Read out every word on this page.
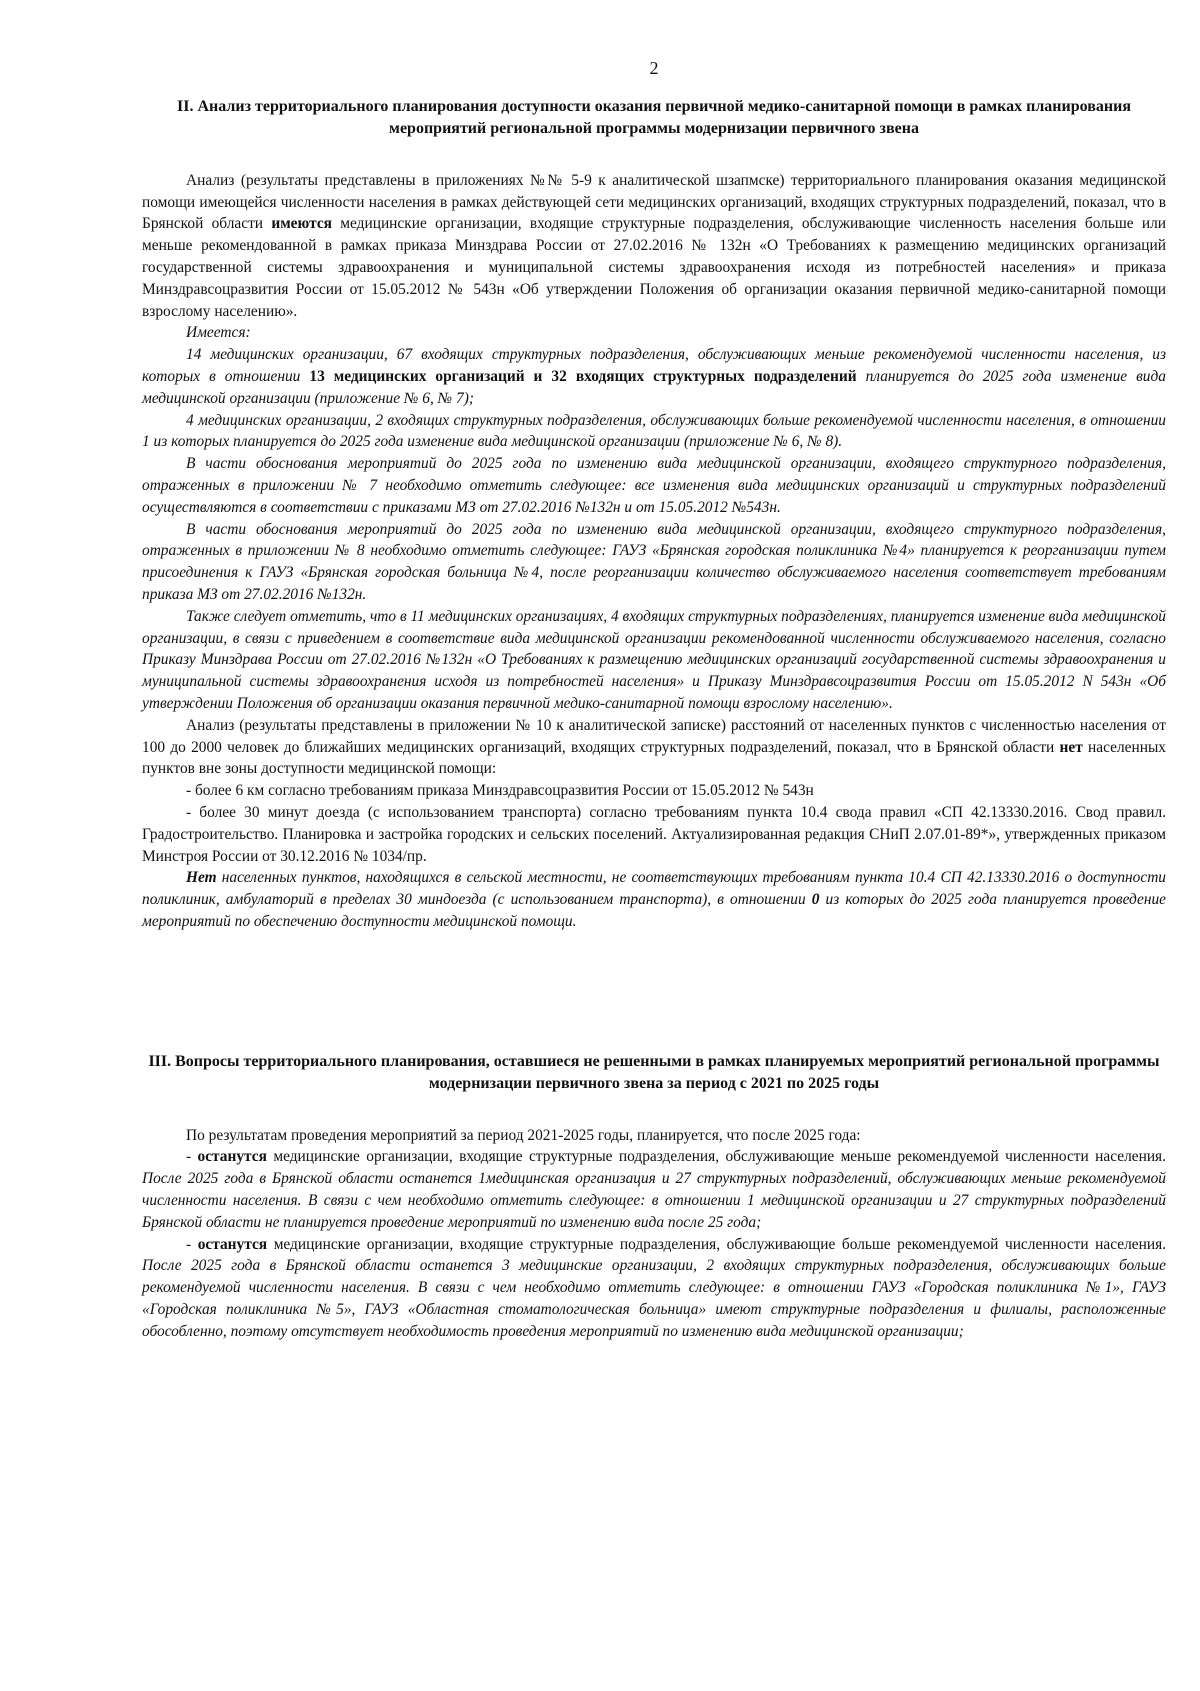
2
II. Анализ территориального планирования доступности оказания первичной медико-санитарной помощи в рамках планирования мероприятий региональной программы модернизации первичного звена

Анализ (результаты представлены в приложениях №№ 5-9 к аналитической шзапмске) территориального планирования оказания медицинской помощи имеющейся численности населения в рамках действующей сети медицинских организаций, входящих структурных подразделений, показал, что в Брянской области имеются медицинские организации, входящие структурные подразделения, обслуживающие численность населения больше или меньше рекомендованной в рамках приказа Минздрава России от 27.02.2016 № 132н «О Требованиях к размещению медицинских организаций государственной системы здравоохранения и муниципальной системы здравоохранения исходя из потребностей населения» и приказа Минздравсоцразвития России от 15.05.2012 № 543н «Об утверждении Положения об организации оказания первичной медико-санитарной помощи взрослому населению».

Имеется:

14 медицинских организации, 67 входящих структурных подразделения, обслуживающих меньше рекомендуемой численности населения, из которых в отношении 13 медицинских организаций и 32 входящих структурных подразделений планируется до 2025 года изменение вида медицинской организации (приложение № 6, № 7);

4 медицинских организации, 2 входящих структурных подразделения, обслуживающих больше рекомендуемой численности населения, в отношении 1 из которых планируется до 2025 года изменение вида медицинской организации (приложение № 6, № 8).

В части обоснования мероприятий до 2025 года по изменению вида медицинской организации, входящего структурного подразделения, отраженных в приложении № 7 необходимо отметить следующее: все изменения вида медицинских организаций и структурных подразделений осуществляются в соответствии с приказами МЗ от 27.02.2016 №132н и от 15.05.2012 №543н.

В части обоснования мероприятий до 2025 года по изменению вида медицинской организации, входящего структурного подразделения, отраженных в приложении № 8 необходимо отметить следующее: ГАУЗ «Брянская городская поликлиника №4» планируется к реорганизации путем присоединения к ГАУЗ «Брянская городская больница №4, после реорганизации количество обслуживаемого населения соответствует требованиям приказа МЗ от 27.02.2016 №132н.

Также следует отметить, что в 11 медицинских организациях, 4 входящих структурных подразделениях, планируется изменение вида медицинской организации, в связи с приведением в соответствие вида медицинской организации рекомендованной численности обслуживаемого населения, согласно Приказу Минздрава России от 27.02.2016 №132н «О Требованиях к размещению медицинских организаций государственной системы здравоохранения и муниципальной системы здравоохранения исходя из потребностей населения» и Приказу Минздравсоцразвития России от 15.05.2012 N 543н «Об утверждении Положения об организации оказания первичной медико-санитарной помощи взрослому населению».

Анализ (результаты представлены в приложении № 10 к аналитической записке) расстояний от населенных пунктов с численностью населения от 100 до 2000 человек до ближайших медицинских организаций, входящих структурных подразделений, показал, что в Брянской области нет населенных пунктов вне зоны доступности медицинской помощи:

- более 6 км согласно требованиям приказа Минздравсоцразвития России от 15.05.2012 № 543н

- более 30 минут доезда (с использованием транспорта) согласно требованиям пункта 10.4 свода правил «СП 42.13330.2016. Свод правил. Градостроительство. Планировка и застройка городских и сельских поселений. Актуализированная редакция СНиП 2.07.01-89*», утвержденных приказом Минстроя России от 30.12.2016 № 1034/пр.

Нет населенных пунктов, находящихся в сельской местности, не соответствующих требованиям пункта 10.4 СП 42.13330.2016 о доступности поликлиник, амбулаторий в пределах 30 миндоезда (с использованием транспорта), в отношении 0 из которых до 2025 года планируется проведение мероприятий по обеспечению доступности медицинской помощи.

III. Вопросы территориального планирования, оставшиеся не решенными в рамках планируемых мероприятий региональной программы модернизации первичного звена за период с 2021 по 2025 годы

По результатам проведения мероприятий за период 2021-2025 годы, планируется, что после 2025 года:

- останутся медицинские организации, входящие структурные подразделения, обслуживающие меньше рекомендуемой численности населения. После 2025 года в Брянской области останется 1медицинская организация и 27 структурных подразделений, обслуживающих меньше рекомендуемой численности населения. В связи с чем необходимо отметить следующее: в отношении 1 медицинской организации и 27 структурных подразделений Брянской области не планируется проведение мероприятий по изменению вида после 25 года;

- останутся медицинские организации, входящие структурные подразделения, обслуживающие больше рекомендуемой численности населения. После 2025 года в Брянской области останется 3 медицинские организации, 2 входящих структурных подразделения, обслуживающих больше рекомендуемой численности населения. В связи с чем необходимо отметить следующее: в отношении ГАУЗ «Городская поликлиника №1», ГАУЗ «Городская поликлиника №5», ГАУЗ «Областная стоматологическая больница» имеют структурные подразделения и филиалы, расположенные обособленно, поэтому отсутствует необходимость проведения мероприятий по изменению вида медицинской организации;
